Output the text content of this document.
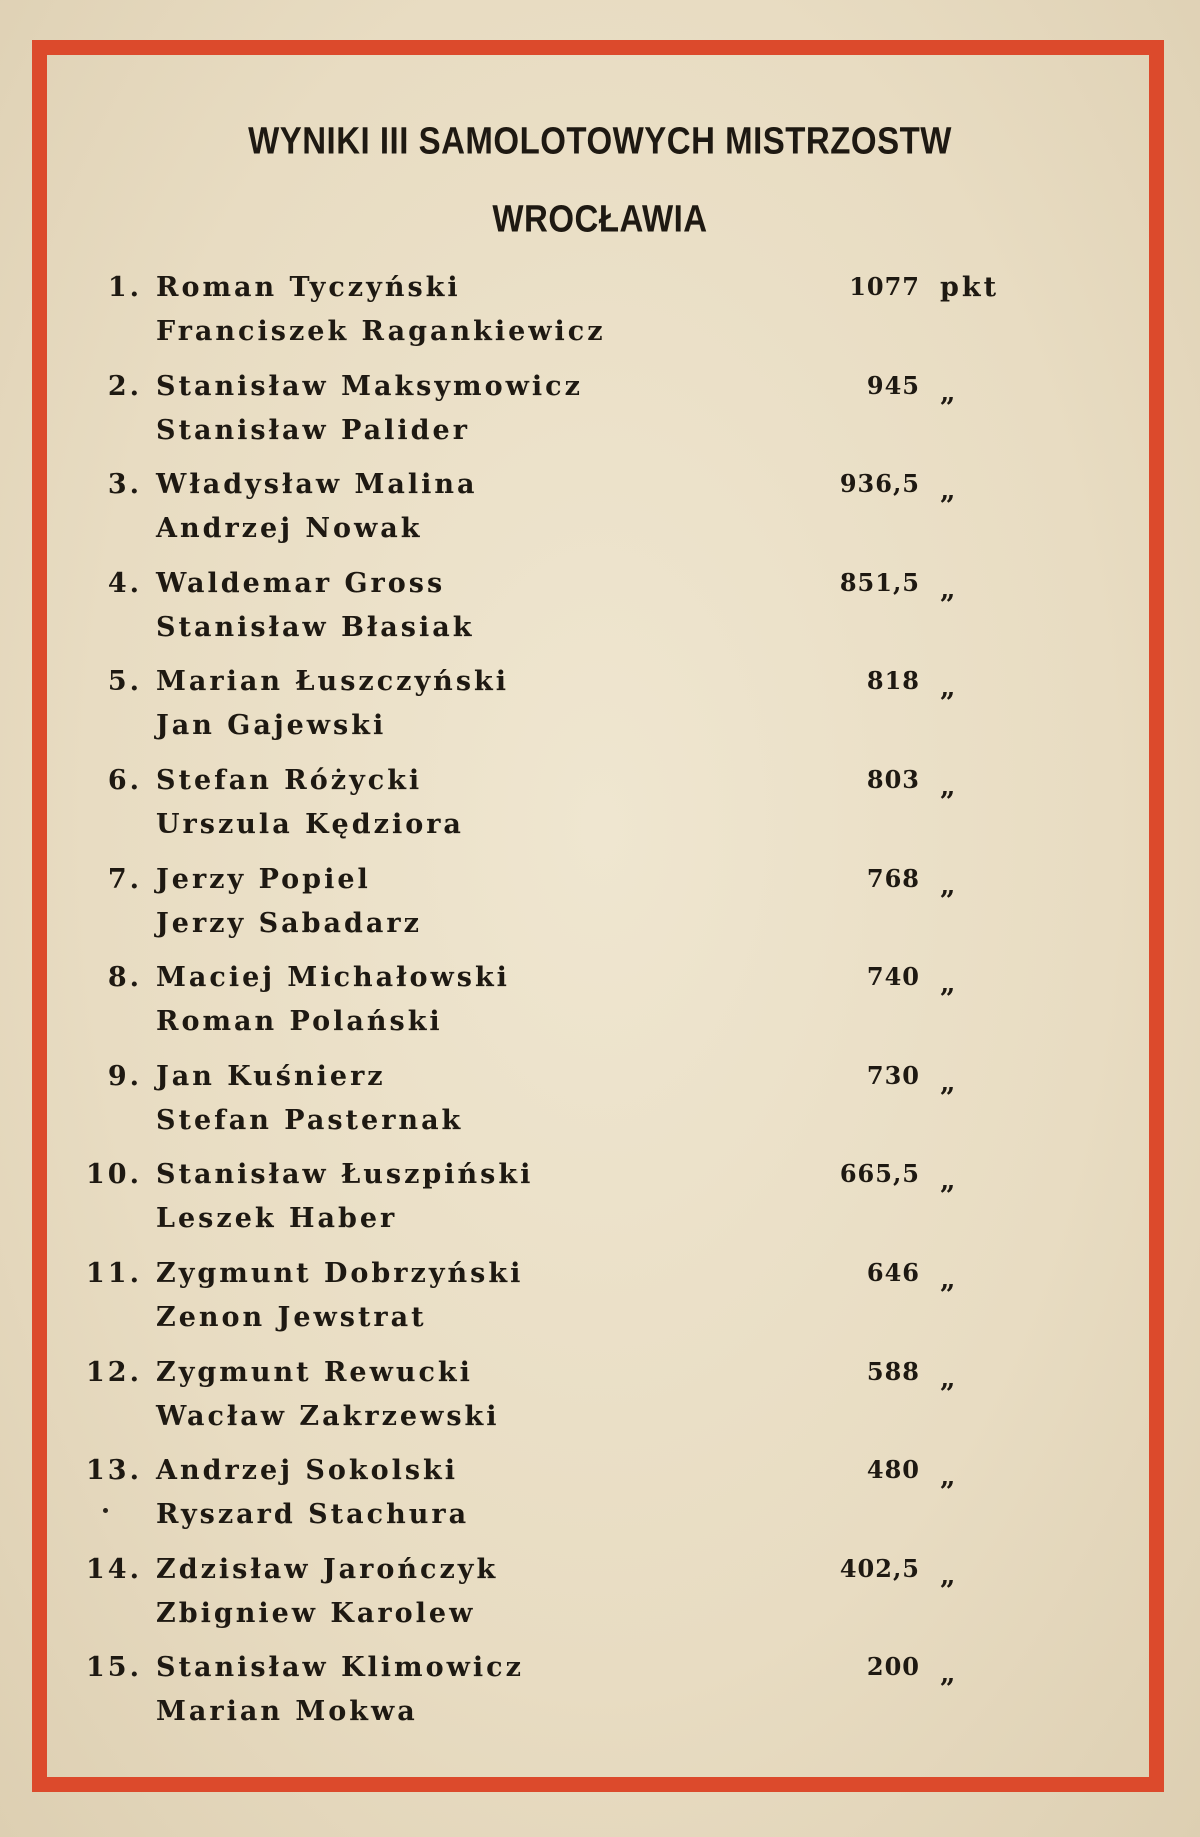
WYNIKI III SAMOLOTOWYCH MISTRZOSTW
WROCŁAWIA
1. Roman Tyczyński
Franciszek Ragankiewicz
1077 pkt
2. Stanisław Maksymowicz
Stanisław Palider
945 „
3. Władysław Malina
Andrzej Nowak
936,5 „
4. Waldemar Gross
Stanisław Błasiak
851,5 „
5. Marian Łuszczyński
Jan Gajewski
818 „
6. Stefan Różycki
Urszula Kędziora
803 „
7. Jerzy Popiel
Jerzy Sabadarz
768 „
8. Maciej Michałowski
Roman Polański
740 „
9. Jan Kuśnierz
Stefan Pasternak
730 „
10. Stanisław Łuszpiński
Leszek Haber
665,5 „
11. Zygmunt Dobrzyński
Zenon Jewstrat
646 „
12. Zygmunt Rewucki
Wacław Zakrzewski
588 „
13. Andrzej Sokolski
Ryszard Stachura
480 „
14. Zdzisław Jarończyk
Zbigniew Karolew
402,5 „
15. Stanisław Klimowicz
Marian Mokwa
200 „
